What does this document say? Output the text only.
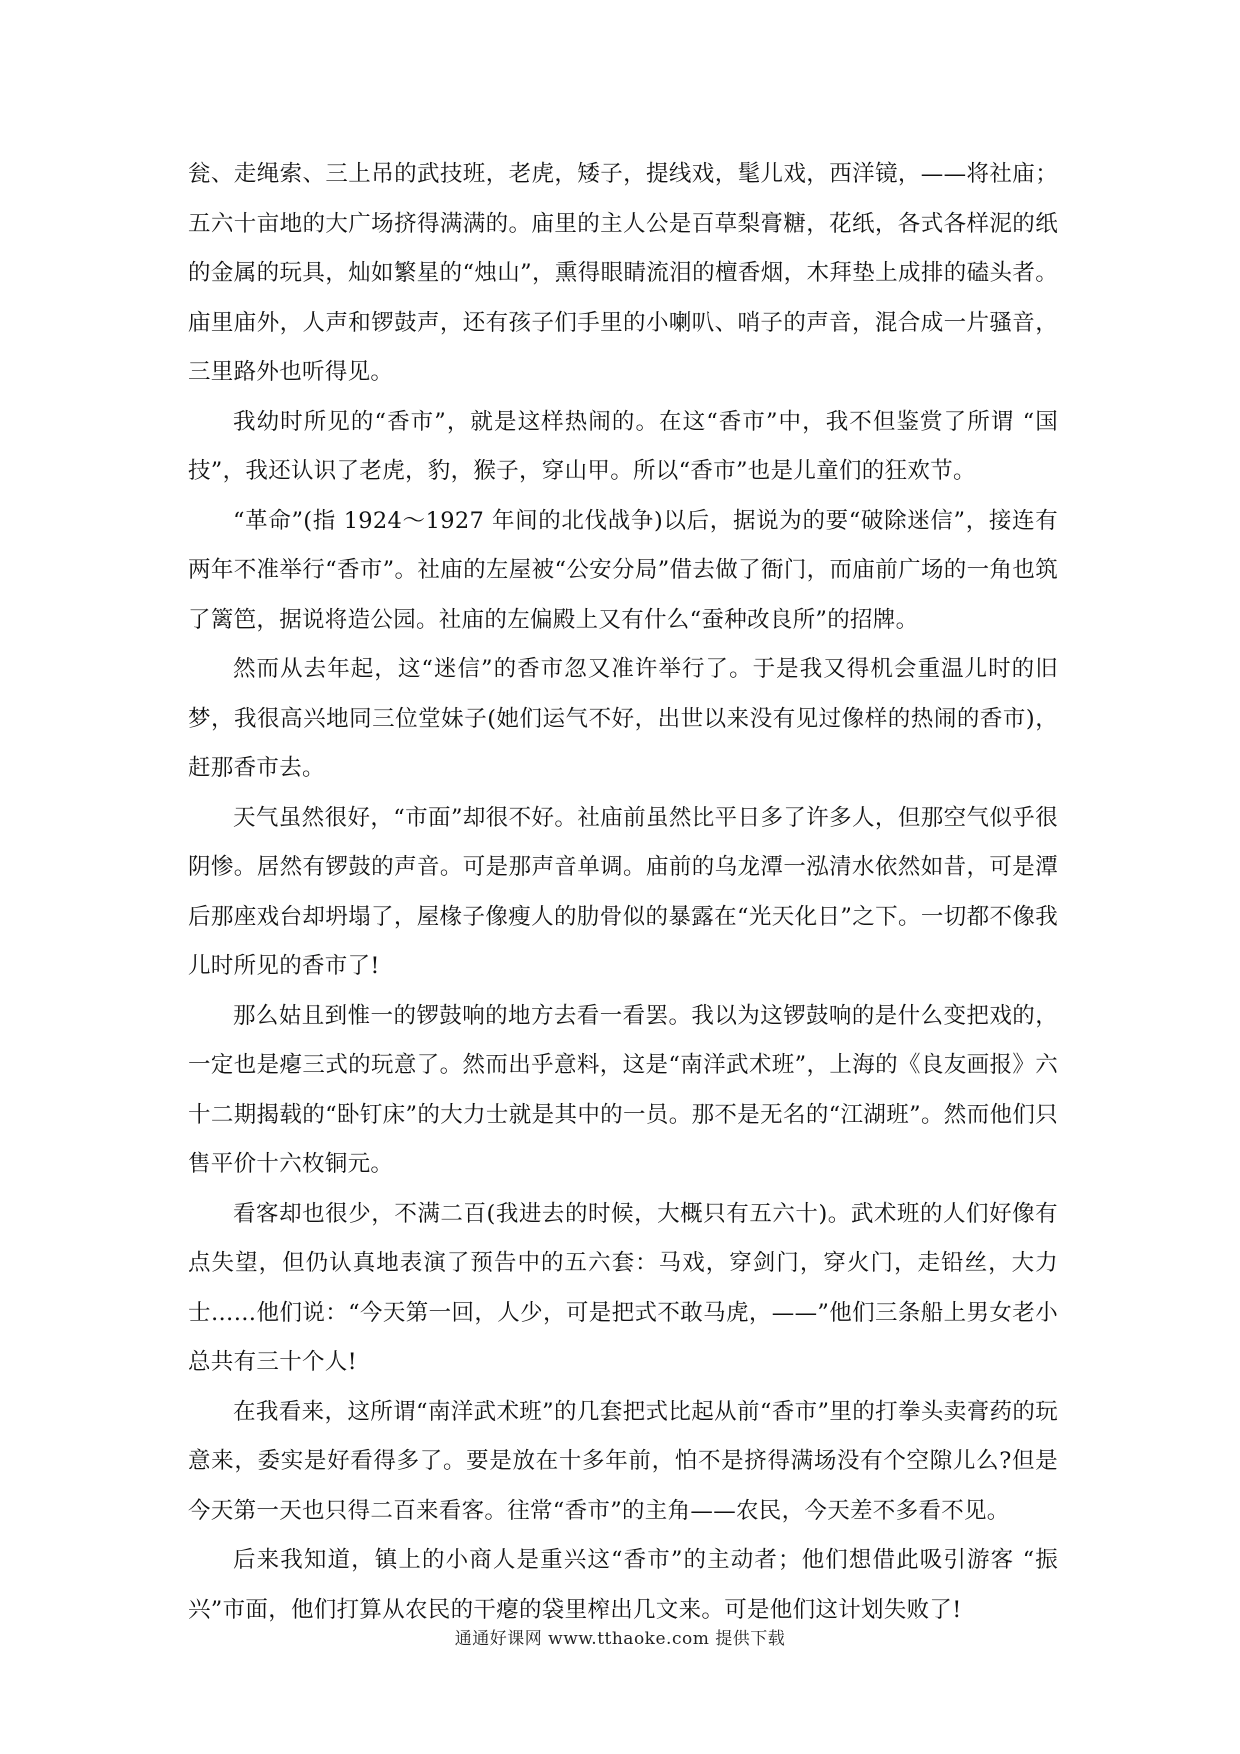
瓮、走绳索、三上吊的武技班，老虎，矮子，提线戏，髦儿戏，西洋镜，——将社庙；五六十亩地的大广场挤得满满的。庙里的主人公是百草梨膏糖，花纸，各式各样泥的纸的金属的玩具，灿如繁星的“烛山”，熏得眼睛流泪的檀香烟，木拜垫上成排的磕头者。庙里庙外，人声和锣鼓声，还有孩子们手里的小喇叭、哨子的声音，混合成一片骚音，三里路外也听得见。

我幼时所见的“香市”，就是这样热闹的。在这“香市”中，我不但鉴赏了所谓 “国技”，我还认识了老虎，豹，猴子，穿山甲。所以“香市”也是儿童们的狂欢节。

“革命”(指 1924～1927 年间的北伐战争)以后，据说为的要“破除迷信”，接连有两年不准举行“香市”。社庙的左屋被“公安分局”借去做了衙门，而庙前广场的一角也筑了篱笆，据说将造公园。社庙的左偏殿上又有什么“蚕种改良所”的招牌。

然而从去年起，这“迷信”的香市忽又准许举行了。于是我又得机会重温儿时的旧梦，我很高兴地同三位堂妹子(她们运气不好，出世以来没有见过像样的热闹的香市)，赶那香市去。

天气虽然很好，“市面”却很不好。社庙前虽然比平日多了许多人，但那空气似乎很阴惨。居然有锣鼓的声音。可是那声音单调。庙前的乌龙潭一泓清水依然如昔，可是潭后那座戏台却坍塌了，屋椽子像瘦人的肋骨似的暴露在“光天化日”之下。一切都不像我儿时所见的香市了!

那么姑且到惟一的锣鼓响的地方去看一看罢。我以为这锣鼓响的是什么变把戏的，一定也是瘪三式的玩意了。然而出乎意料，这是“南洋武术班”，上海的《良友画报》六十二期揭载的“卧钉床”的大力士就是其中的一员。那不是无名的“江湖班”。然而他们只售平价十六枚铜元。

看客却也很少，不满二百(我进去的时候，大概只有五六十)。武术班的人们好像有点失望，但仍认真地表演了预告中的五六套：马戏，穿剑门，穿火门，走铅丝，大力士……他们说：“今天第一回，人少，可是把式不敢马虎，——”他们三条船上男女老小总共有三十个人!

在我看来，这所谓“南洋武术班”的几套把式比起从前“香市”里的打拳头卖膏药的玩意来，委实是好看得多了。要是放在十多年前，怕不是挤得满场没有个空隙儿么?但是今天第一天也只得二百来看客。往常“香市”的主角——农民，今天差不多看不见。

后来我知道，镇上的小商人是重兴这“香市”的主动者；他们想借此吸引游客 “振兴”市面，他们打算从农民的干瘪的袋里榨出几文来。可是他们这计划失败了!

通通好课网 www.tthaoke.com 提供下载
